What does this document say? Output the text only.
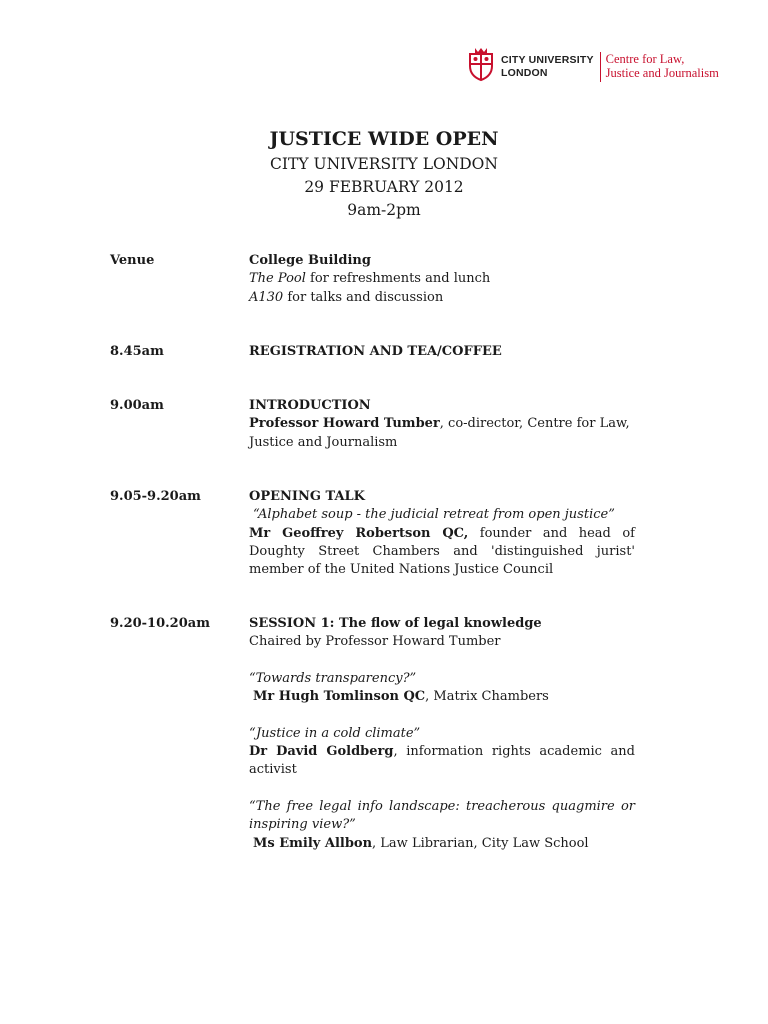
CITY UNIVERSITY
LONDON
Centre for Law,
Justice and Journalism
JUSTICE WIDE OPEN
CITY UNIVERSITY LONDON
29 FEBRUARY 2012
9am-2pm
Venue	College Building
The Pool for refreshments and lunch
A130 for talks and discussion
8.45am	REGISTRATION AND TEA/COFFEE
9.00am	INTRODUCTION
Professor Howard Tumber, co-director, Centre for Law, Justice and Journalism
9.05-9.20am	OPENING TALK
“Alphabet soup - the judicial retreat from open justice”
Mr Geoffrey Robertson QC, founder and head of Doughty Street Chambers and 'distinguished jurist' member of the United Nations Justice Council
9.20-10.20am	SESSION 1: The flow of legal knowledge
Chaired by Professor Howard Tumber
“Towards transparency?”
Mr Hugh Tomlinson QC, Matrix Chambers
“Justice in a cold climate”
Dr David Goldberg, information rights academic and activist
“The free legal info landscape: treacherous quagmire or inspiring view?”
Ms Emily Allbon, Law Librarian, City Law School
